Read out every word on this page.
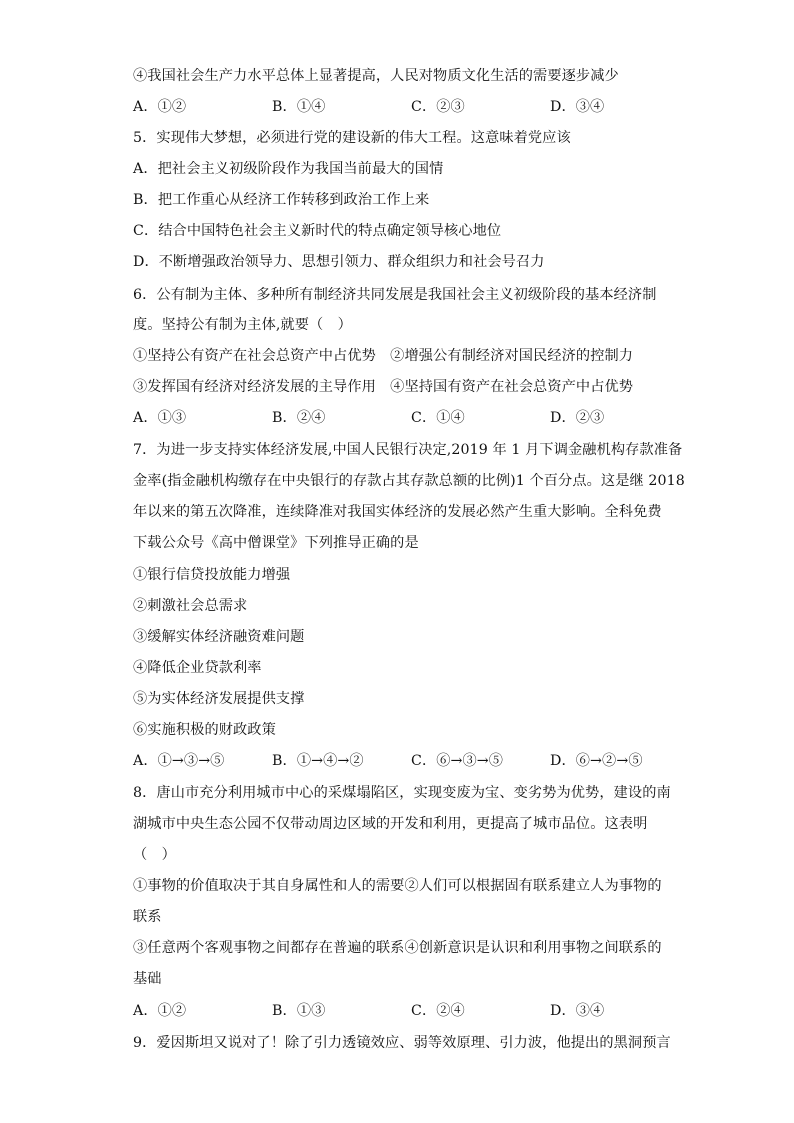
④我国社会生产力水平总体上显著提高，人民对物质文化生活的需要逐步减少
A．①②	B．①④	C．②③	D．③④
5．实现伟大梦想，必须进行党的建设新的伟大工程。这意味着党应该
A．把社会主义初级阶段作为我国当前最大的国情
B．把工作重心从经济工作转移到政治工作上来
C．结合中国特色社会主义新时代的特点确定领导核心地位
D．不断增强政治领导力、思想引领力、群众组织力和社会号召力
6．公有制为主体、多种所有制经济共同发展是我国社会主义初级阶段的基本经济制
度。坚持公有制为主体,就要（　）
①坚持公有资产在社会总资产中占优势　②增强公有制经济对国民经济的控制力
③发挥国有经济对经济发展的主导作用　④坚持国有资产在社会总资产中占优势
A．①③	B．②④	C．①④	D．②③
7．为进一步支持实体经济发展,中国人民银行决定,2019 年 1 月下调金融机构存款准备
金率(指金融机构缴存在中央银行的存款占其存款总额的比例)1 个百分点。这是继 2018
年以来的第五次降准，连续降准对我国实体经济的发展必然产生重大影响。全科免费
下载公众号《高中僧课堂》下列推导正确的是
①银行信贷投放能力增强
②刺激社会总需求
③缓解实体经济融资难问题
④降低企业贷款利率
⑤为实体经济发展提供支撑
⑥实施积极的财政政策
A．①→③→⑤	B．①→④→②	C．⑥→③→⑤	D．⑥→②→⑤
8．唐山市充分利用城市中心的采煤塌陷区，实现变废为宝、变劣势为优势，建设的南
湖城市中央生态公园不仅带动周边区域的开发和利用，更提高了城市品位。这表明
（　）
①事物的价值取决于其自身属性和人的需要②人们可以根据固有联系建立人为事物的
联系
③任意两个客观事物之间都存在普遍的联系④创新意识是认识和利用事物之间联系的
基础
A．①②	B．①③	C．②④	D．③④
9．爱因斯坦又说对了！除了引力透镜效应、弱等效原理、引力波，他提出的黑洞预言
